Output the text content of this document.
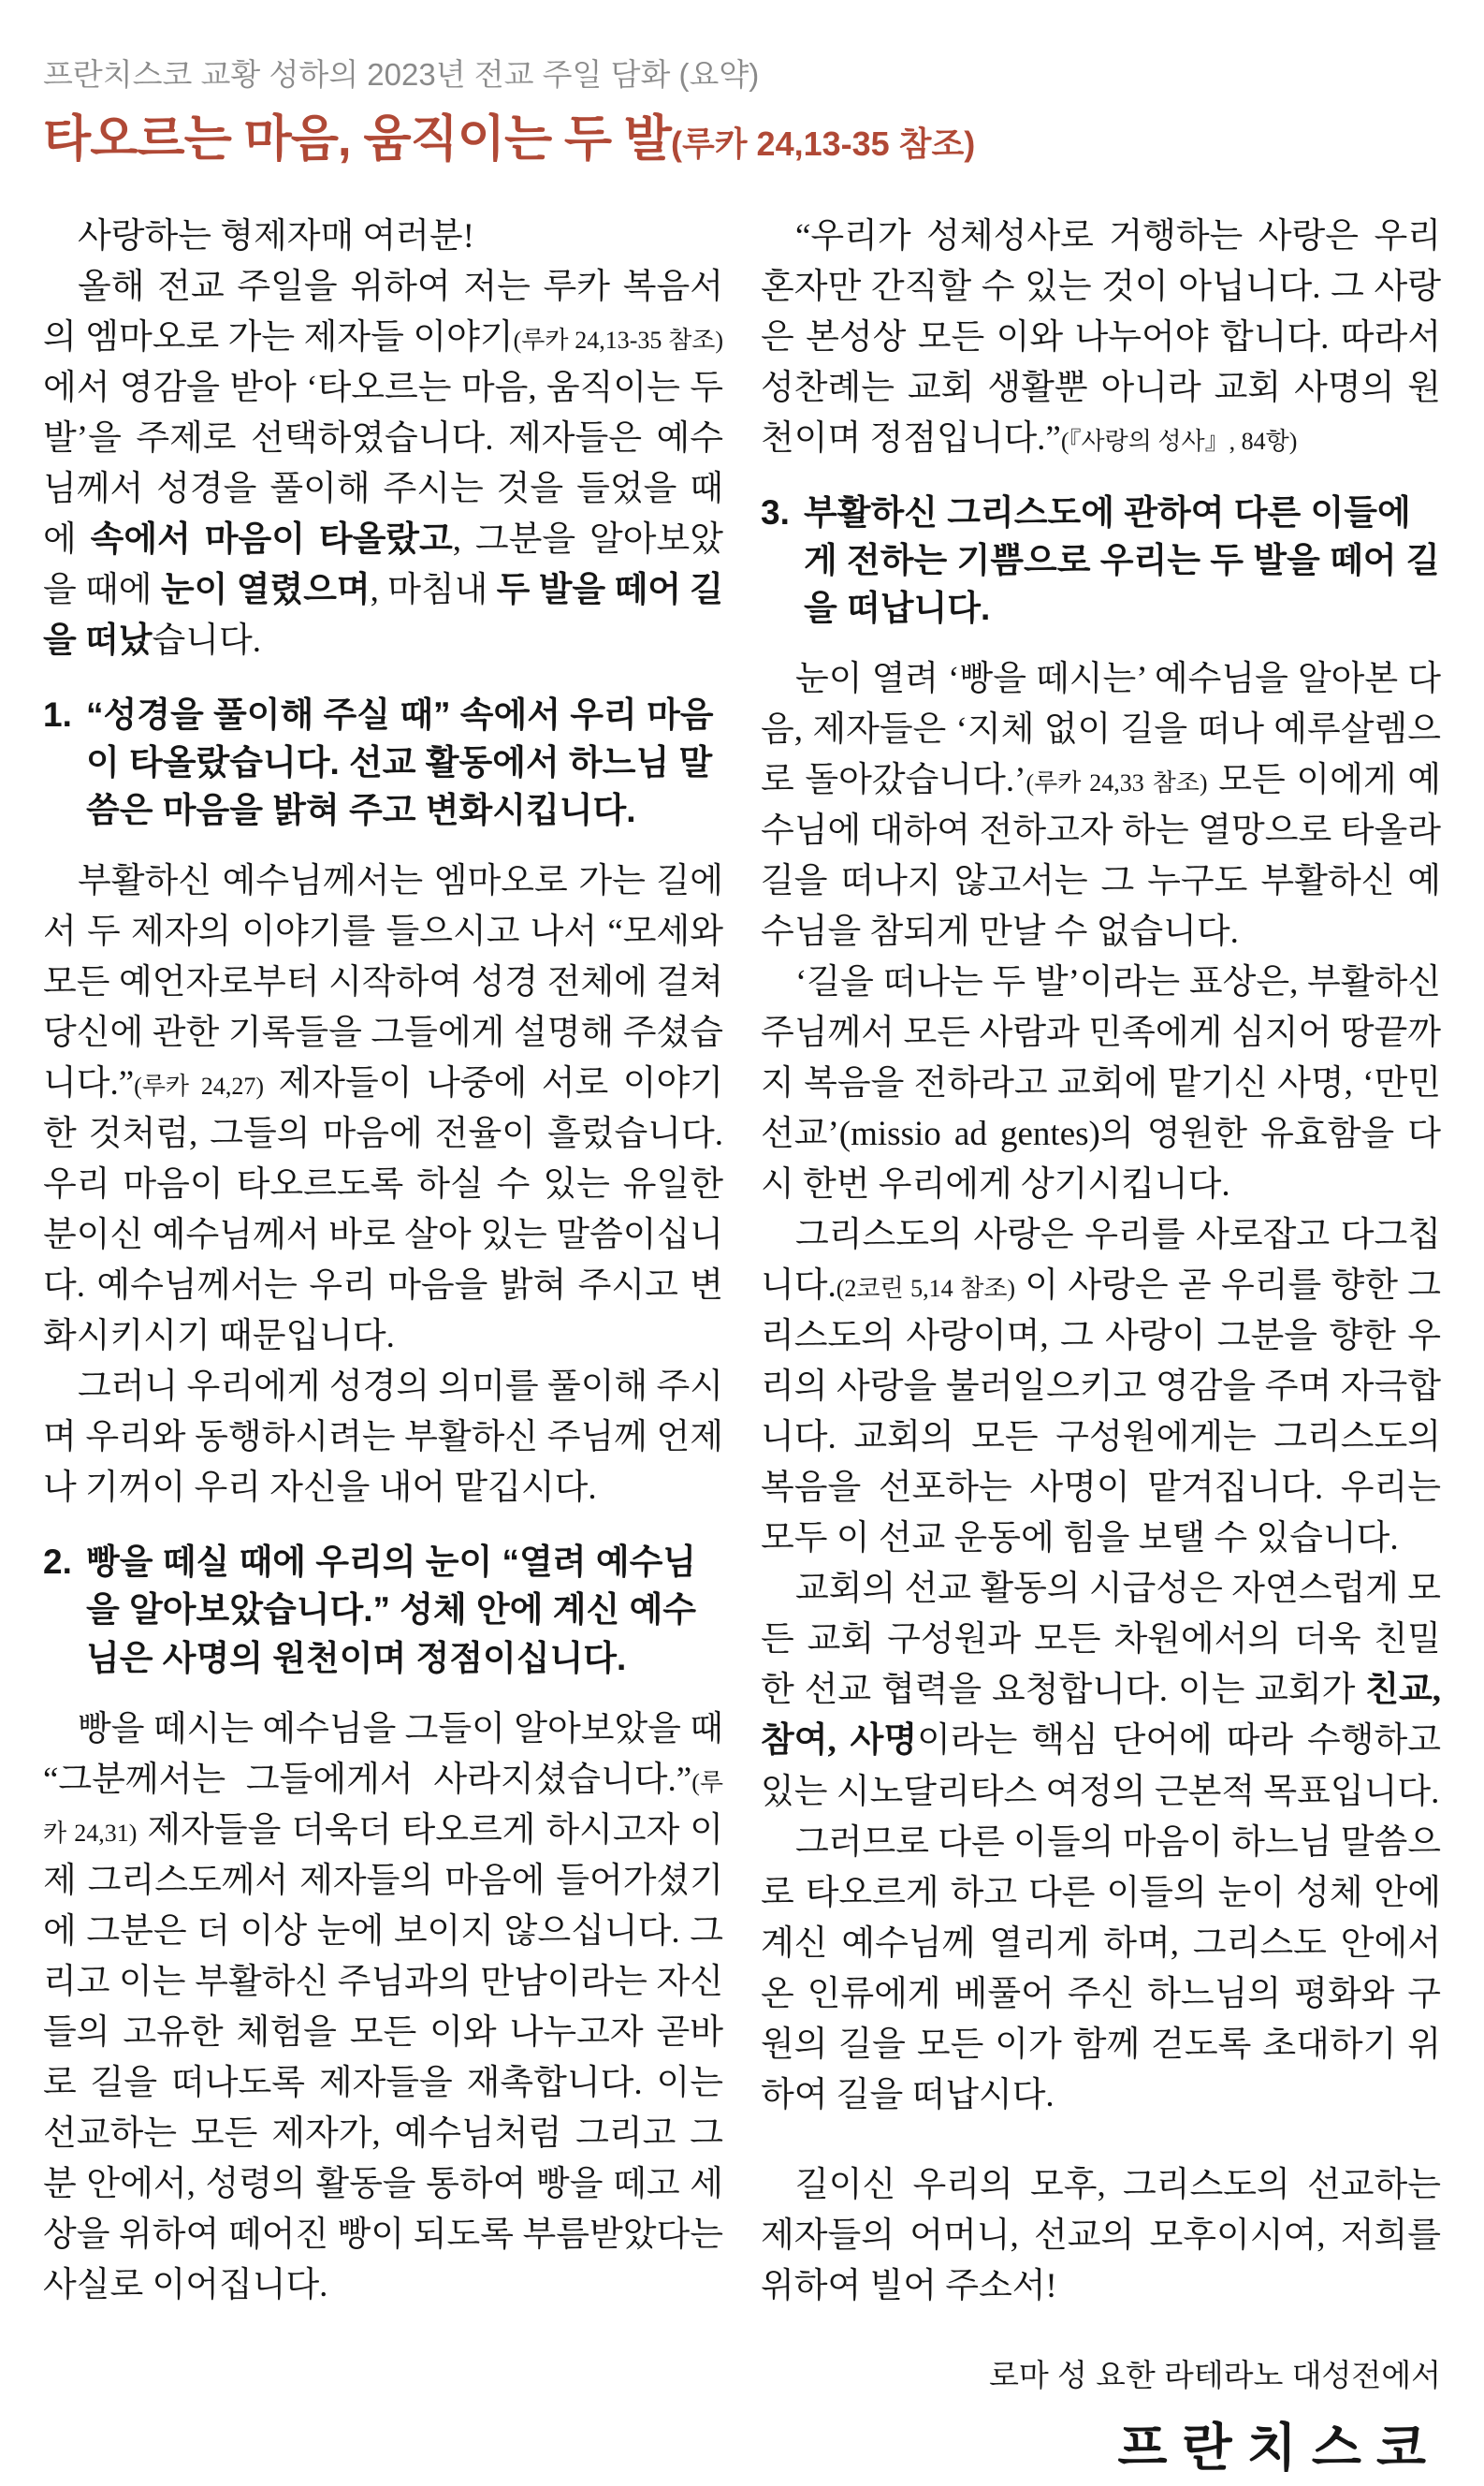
프란치스코 교황 성하의 2023년 전교 주일 담화 (요약)
타오르는 마음, 움직이는 두 발(루카 24,13-35 참조)
사랑하는 형제자매 여러분!
올해 전교 주일을 위하여 저는 루카 복음서의 엠마오로 가는 제자들 이야기(루카 24,13-35 참조)에서 영감을 받아 ‘타오르는 마음, 움직이는 두 발’을 주제로 선택하였습니다. 제자들은 예수님께서 성경을 풀이해 주시는 것을 들었을 때에 속에서 마음이 타올랐고, 그분을 알아보았을 때에 눈이 열렸으며, 마침내 두 발을 떼어 길을 떠났습니다.
1. “성경을 풀이해 주실 때” 속에서 우리 마음이 타올랐습니다. 선교 활동에서 하느님 말씀은 마음을 밝혀 주고 변화시킵니다.
부활하신 예수님께서는 엠마오로 가는 길에서 두 제자의 이야기를 들으시고 나서 “모세와 모든 예언자로부터 시작하여 성경 전체에 걸쳐 당신에 관한 기록들을 그들에게 설명해 주셨습니다.”(루카 24,27) 제자들이 나중에 서로 이야기한 것처럼, 그들의 마음에 전율이 흘렀습니다. 우리 마음이 타오르도록 하실 수 있는 유일한 분이신 예수님께서 바로 살아 있는 말씀이십니다. 예수님께서는 우리 마음을 밝혀 주시고 변화시키시기 때문입니다.
그러니 우리에게 성경의 의미를 풀이해 주시며 우리와 동행하시려는 부활하신 주님께 언제나 기꺼이 우리 자신을 내어 맡깁시다.
2. 빵을 떼실 때에 우리의 눈이 “열려 예수님을 알아보았습니다.” 성체 안에 계신 예수님은 사명의 원천이며 정점이십니다.
빵을 떼시는 예수님을 그들이 알아보았을 때 “그분께서는 그들에게서 사라지셨습니다.”(루카 24,31) 제자들을 더욱더 타오르게 하시고자 이제 그리스도께서 제자들의 마음에 들어가셨기에 그분은 더 이상 눈에 보이지 않으십니다. 그리고 이는 부활하신 주님과의 만남이라는 자신들의 고유한 체험을 모든 이와 나누고자 곧바로 길을 떠나도록 제자들을 재촉합니다. 이는 선교하는 모든 제자가, 예수님처럼 그리고 그분 안에서, 성령의 활동을 통하여 빵을 떼고 세상을 위하여 떼어진 빵이 되도록 부름받았다는 사실로 이어집니다.
“우리가 성체성사로 거행하는 사랑은 우리 혼자만 간직할 수 있는 것이 아닙니다. 그 사랑은 본성상 모든 이와 나누어야 합니다. 따라서 성찬례는 교회 생활뿐 아니라 교회 사명의 원천이며 정점입니다.”(『사랑의 성사』, 84항)
3. 부활하신 그리스도에 관하여 다른 이들에게 전하는 기쁨으로 우리는 두 발을 떼어 길을 떠납니다.
눈이 열려 ‘빵을 떼시는’ 예수님을 알아본 다음, 제자들은 ‘지체 없이 길을 떠나 예루살렘으로 돌아갔습니다.’(루카 24,33 참조) 모든 이에게 예수님에 대하여 전하고자 하는 열망으로 타올라 길을 떠나지 않고서는 그 누구도 부활하신 예수님을 참되게 만날 수 없습니다.
‘길을 떠나는 두 발’이라는 표상은, 부활하신 주님께서 모든 사람과 민족에게 심지어 땅끝까지 복음을 전하라고 교회에 맡기신 사명, ‘만민 선교’(missio ad gentes)의 영원한 유효함을 다시 한번 우리에게 상기시킵니다.
그리스도의 사랑은 우리를 사로잡고 다그칩니다.(2코린 5,14 참조) 이 사랑은 곧 우리를 향한 그리스도의 사랑이며, 그 사랑이 그분을 향한 우리의 사랑을 불러일으키고 영감을 주며 자극합니다. 교회의 모든 구성원에게는 그리스도의 복음을 선포하는 사명이 맡겨집니다. 우리는 모두 이 선교 운동에 힘을 보탤 수 있습니다.
교회의 선교 활동의 시급성은 자연스럽게 모든 교회 구성원과 모든 차원에서의 더욱 친밀한 선교 협력을 요청합니다. 이는 교회가 친교, 참여, 사명이라는 핵심 단어에 따라 수행하고 있는 시노달리타스 여정의 근본적 목표입니다.
그러므로 다른 이들의 마음이 하느님 말씀으로 타오르게 하고 다른 이들의 눈이 성체 안에 계신 예수님께 열리게 하며, 그리스도 안에서 온 인류에게 베풀어 주신 하느님의 평화와 구원의 길을 모든 이가 함께 걷도록 초대하기 위하여 길을 떠납시다.
길이신 우리의 모후, 그리스도의 선교하는 제자들의 어머니, 선교의 모후이시여, 저희를 위하여 빌어 주소서!
로마 성 요한 라테라노 대성전에서
프란치스코
